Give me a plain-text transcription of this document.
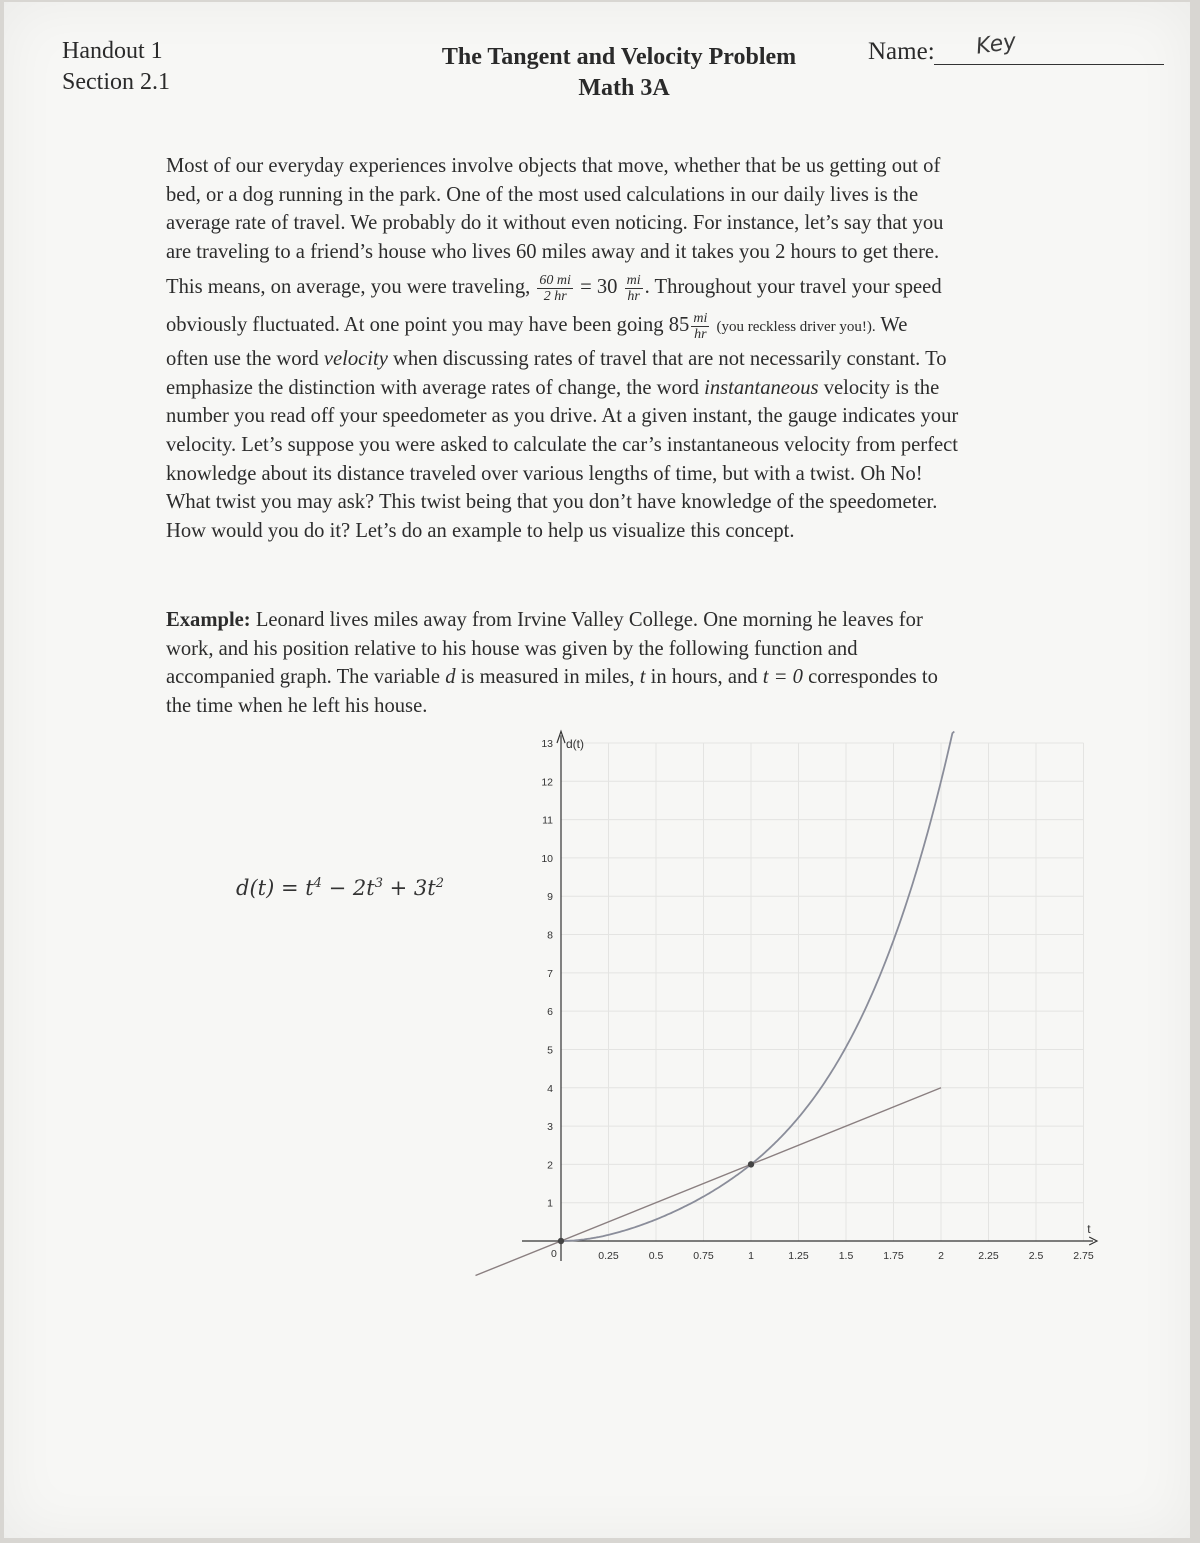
Handout 1
Section 2.1
The Tangent and Velocity Problem
Math 3A
Name: Key
Most of our everyday experiences involve objects that move, whether that be us getting out of
bed, or a dog running in the park. One of the most used calculations in our daily lives is the
average rate of travel. We probably do it without even noticing. For instance, let’s say that you
are traveling to a friend’s house who lives 60 miles away and it takes you 2 hours to get there.
This means, on average, you were traveling, $\frac{60 mi}{2 hr} = 30 \frac{mi}{hr}$ . Throughout your travel your speed
obviously fluctuated. At one point you may have been going $85 \frac{mi}{hr} (you$ reckless driver you!). We
often use the word velocity when discussing rates of travel that are not necessarily constant. To
emphasize the distinction with average rates of change, the word instantaneous velocity is the
number you read off your speedometer as you drive. At a given instant, the gauge indicates your
velocity. Let’s suppose you were asked to calculate the car’s instantaneous velocity from perfect
knowledge about its distance traveled over various lengths of time, but with a twist. Oh No!
What twist you may ask? This twist being that you don’t have knowledge of the speedometer.
How would you do it? Let’s do an example to help us visualize this concept.
Example: Leonard lives miles away from Irvine Valley College. One morning he leaves for
work, and his position relative to his house was given by the following function and
accompanied graph. The variable d is measured in miles, t in hours, and t = 0 correspondes to
the time when he left his house.
$d(t) = t^4 - 2t^3 + 3t^2$
0.25	0.5	0.75	1	1.25	1.5	1.75	2	2.25	2.5	2.75
1
2
3
4
5
6
7
8
9
10
11
12
13 d(t)
t
0
